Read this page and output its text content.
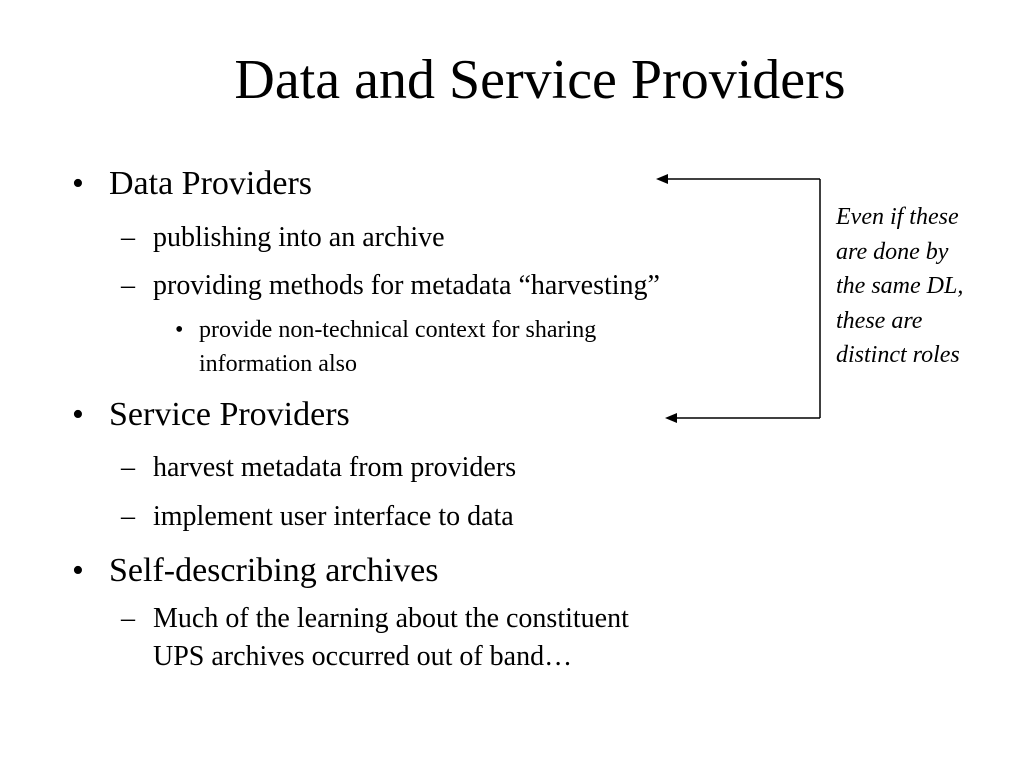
Data and Service Providers
• Data Providers
– publishing into an archive
– providing methods for metadata “harvesting”
• provide non-technical context for sharing
information also
• Service Providers
– harvest metadata from providers
– implement user interface to data
• Self-describing archives
– Much of the learning about the constituent
UPS archives occurred out of band…
Even if these
are done by
the same DL,
these are
distinct roles
